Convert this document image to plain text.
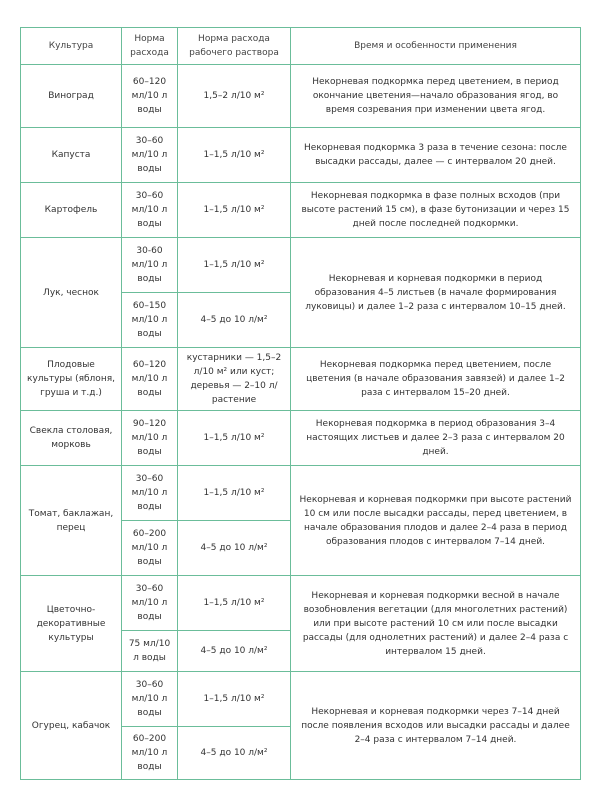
Культура	Норма расхода	Норма расхода рабочего раствора	Время и особенности применения
Виноград	60–120 мл/10 л воды	1,5–2 л/10 м²	Некорневая подкормка перед цветением, в период окончание цветения—начало образования ягод, во время созревания при изменении цвета ягод.
Капуста	30–60 мл/10 л воды	1–1,5 л/10 м²	Некорневая подкормка 3 раза в течение сезона: после высадки рассады, далее — с интервалом 20 дней.
Картофель	30–60 мл/10 л воды	1–1,5 л/10 м²	Некорневая подкормка в фазе полных всходов (при высоте растений 15 см), в фазе бутонизации и через 15 дней после последней подкормки.
Лук, чеснок	30-60 мл/10 л воды	1–1,5 л/10 м²	Некорневая и корневая подкормки в период образования 4–5 листьев (в начале формирования луковицы) и далее 1–2 раза с интервалом 10–15 дней.
	60–150 мл/10 л воды	4–5 до 10 л/м²	
Плодовые культуры (яблоня, груша и т.д.)	60–120 мл/10 л воды	кустарники — 1,5–2 л/10 м² или куст; деревья — 2–10 л/растение	Некорневая подкормка перед цветением, после цветения (в начале образования завязей) и далее 1–2 раза с интервалом 15–20 дней.
Свекла столовая, морковь	90–120 мл/10 л воды	1–1,5 л/10 м²	Некорневая подкормка в период образования 3–4 настоящих листьев и далее 2–3 раза с интервалом 20 дней.
Томат, баклажан, перец	30–60 мл/10 л воды	1–1,5 л/10 м²	Некорневая и корневая подкормки при высоте растений 10 см или после высадки рассады, перед цветением, в начале образования плодов и далее 2–4 раза в период образования плодов с интервалом 7–14 дней.
	60–200 мл/10 л воды	4–5 до 10 л/м²	
Цветочно-декоративные культуры	30–60 мл/10 л воды	1–1,5 л/10 м²	Некорневая и корневая подкормки весной в начале возобновления вегетации (для многолетних растений) или при высоте растений 10 см или после высадки рассады (для однолетних растений) и далее 2–4 раза с интервалом 15 дней.
	75 мл/10 л воды	4–5 до 10 л/м²	
Огурец, кабачок	30–60 мл/10 л воды	1–1,5 л/10 м²	Некорневая и корневая подкормки через 7–14 дней после появления всходов или высадки рассады и далее 2–4 раза с интервалом 7–14 дней.
	60–200 мл/10 л воды	4–5 до 10 л/м²	
